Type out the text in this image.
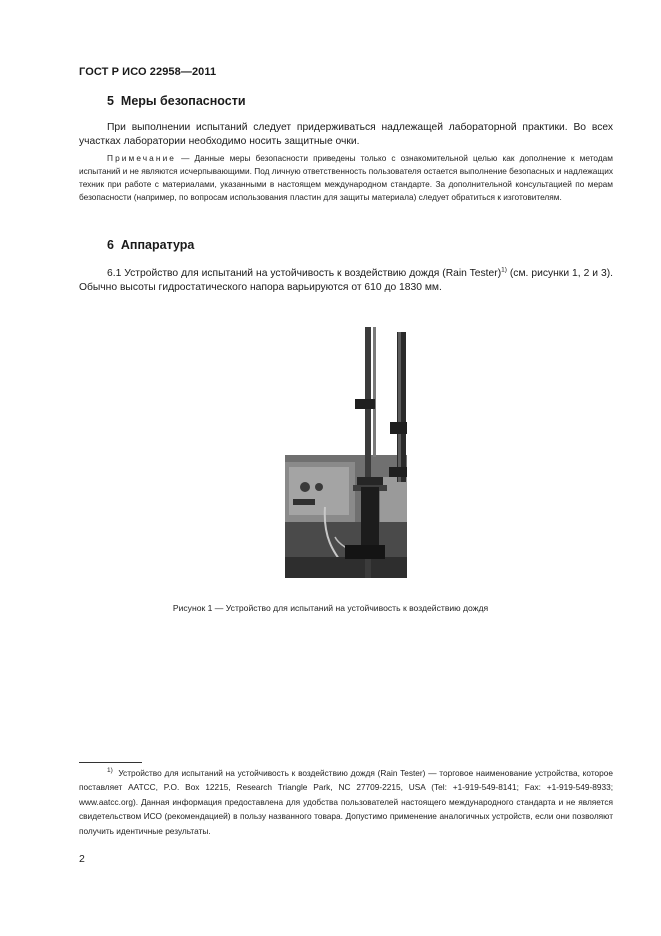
ГОСТ Р ИСО 22958—2011
5 Меры безопасности
При выполнении испытаний следует придерживаться надлежащей лабораторной практики. Во всех участках лаборатории необходимо носить защитные очки.
Примечание — Данные меры безопасности приведены только с ознакомительной целью как дополнение к методам испытаний и не являются исчерпывающими. Под личную ответственность пользователя остается выполнение безопасных и надлежащих техник при работе с материалами, указанными в настоящем международном стандарте. За дополнительной консультацией по мерам безопасности (например, по вопросам использования пластин для защиты материала) следует обратиться к изготовителям.
6 Аппаратура
6.1 Устройство для испытаний на устойчивость к воздействию дождя (Rain Tester)$^{1)}$ (см. рисунки 1, 2 и 3). Обычно высоты гидростатического напора варьируются от 610 до 1830 мм.
Рисунок 1 — Устройство для испытаний на устойчивость к воздействию дождя
$^{1)}$ Устройство для испытаний на устойчивость к воздействию дождя (Rain Tester) — торговое наименование устройства, которое поставляет AATCC, P.O. Box 12215, Research Triangle Park, NC 27709-2215, USA (Tel: +1-919-549-8141; Fax: +1-919-549-8933; www.aatcc.org). Данная информация предоставлена для удобства пользователей настоящего международного стандарта и не является свидетельством ИСО (рекомендацией) в пользу названного товара. Допустимо применение аналогичных устройств, если они позволяют получить идентичные результаты.
2
